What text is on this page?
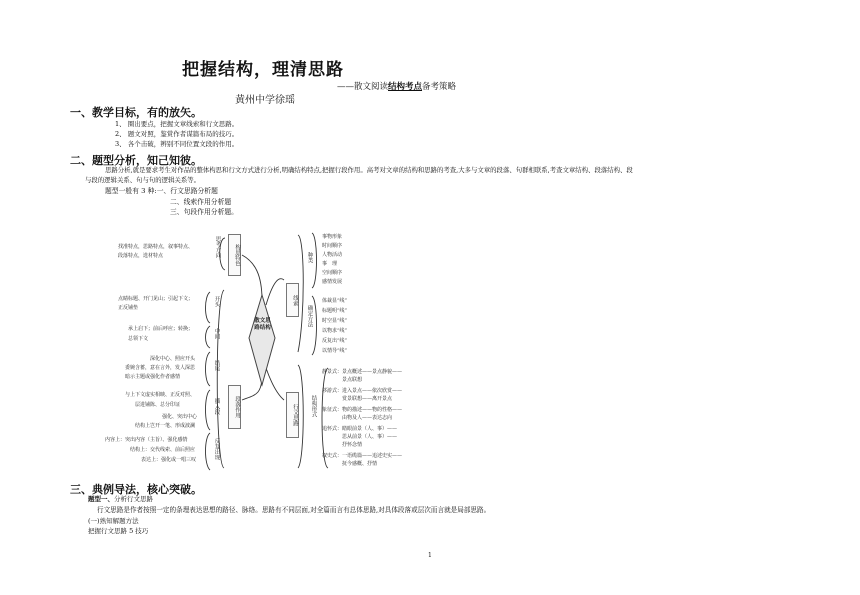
把握结构，理清思路
——散文阅读结构考点备考策略
黄州中学徐瑶
一、教学目标，有的放矢。
1、 圈出要点，把握文章线索和行文思路。
2、 题文对照，鉴赏作者谋篇布局的技巧。
3、 各个击破，辨别不同位置文段的作用。
二、题型分析，知己知彼。
思路分析,就是要求考生对作品的整体构思和行文方式进行分析,明确结构特点,把握行段作用。高考对文章的结构和思路的考查,大多与文章的段落、句群相联系,考查文章结构、段落结构、段
与段的逻辑关系、句与句的逻辑关系等。
题型一般有 3 种:一、行文思路分析题
二、线索作用分析题
三、句段作用分析题。
散文思路结构
构思特色
思考方向
找准特点，思路特点，叙事特点、
段落特点，选材特点
段落作用
开头
点睛标题、开门见山；引起下文；
正反铺垫
中间
承上启下；前后呼应；转换；
总领下文
结尾
深化中心、照应开头
委婉含蓄，意在言外，发人深思
暗示主题或强化作者感情
插入段
与上下文虚实相映、正反对照、
层进铺陈、总分印证
强化、突出中心
结构上岂开一笔、形成波澜
反复出现
内容上：突出内容（主旨）、强化感情
结构上：交代线索、前后照应
表达上：强化或一唱三叹
线索
种类
事物形象
时间顺序
人物活动
事　理
空间顺序
感情发展
确定方法
体裁显“线”
标题明“线”
时空显“线”
以物求“线”
反复出“线”
以情导“线”
行文思路 结构形式
静景式：景点概述——景点静貌——
　　　　景点联想
移游式：进入景点——依次欣赏——
　　　　赏景联想——离开景点
象征式：物的描述——物的性格——
　　　　由物及人——表达志向
追怀式：睹眼前景（人、事）——
　　　　思从前景（人、事）——
　　　　抒怀念情
叙史式：一语缆篇——追述史实——
　　　　抚今感概、抒情
三、典例导法，核心突破。
题型一、分析行文思路
行文思路是作者按照一定的条理表达思想的路径、脉络。思路有不同层面,对全篇而言有总体思路,对具体段落或层次而言就是局部思路。
(一)熟知解题方法
把握行文思路 5 技巧
1
